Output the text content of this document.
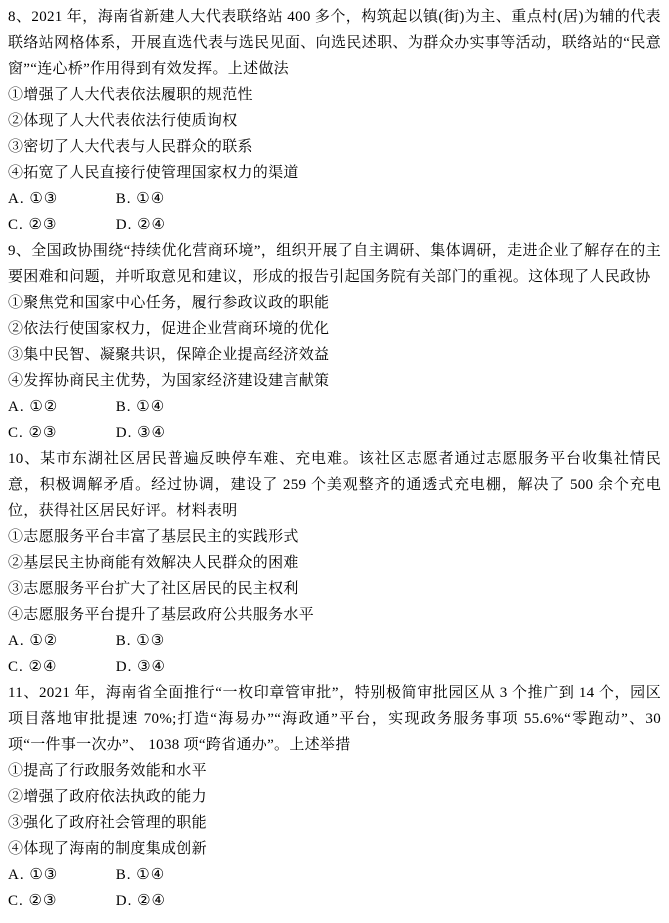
8、2021 年，海南省新建人大代表联络站 400 多个，构筑起以镇(街)为主、重点村(居)为辅的代表联络站网格体系，开展直选代表与选民见面、向选民述职、为群众办实事等活动，联络站的“民意窗”“连心桥”作用得到有效发挥。上述做法

①增强了人大代表依法履职的规范性

②体现了人大代表依法行使质询权

③密切了人大代表与人民群众的联系

④拓宽了人民直接行使管理国家权力的渠道

A. ①③	B. ①④
C. ②③	D. ②④

9、全国政协围绕“持续优化营商环境”，组织开展了自主调研、集体调研，走进企业了解存在的主要困难和问题，并听取意见和建议，形成的报告引起国务院有关部门的重视。这体现了人民政协

①聚焦党和国家中心任务，履行参政议政的职能

②依法行使国家权力，促进企业营商环境的优化

③集中民智、凝聚共识，保障企业提高经济效益

④发挥协商民主优势，为国家经济建设建言献策

A. ①②	B. ①④
C. ②③	D. ③④

10、某市东湖社区居民普遍反映停车难、充电难。该社区志愿者通过志愿服务平台收集社情民意，积极调解矛盾。经过协调，建设了 259 个美观整齐的通透式充电棚，解决了 500 余个充电位，获得社区居民好评。材料表明

①志愿服务平台丰富了基层民主的实践形式

②基层民主协商能有效解决人民群众的困难

③志愿服务平台扩大了社区居民的民主权利

④志愿服务平台提升了基层政府公共服务水平

A. ①②	B. ①③
C. ②④	D. ③④

11、2021 年，海南省全面推行“一枚印章管审批”，特别极简审批园区从 3 个推广到 14 个，园区项目落地审批提速 70%;打造“海易办”“海政通”平台，实现政务服务事项 55.6%“零跑动”、30 项“一件事一次办”、 1038 项“跨省通办”。上述举措

①提高了行政服务效能和水平

②增强了政府依法执政的能力

③强化了政府社会管理的职能

④体现了海南的制度集成创新

A. ①③	B. ①④
C. ②③	D. ②④
